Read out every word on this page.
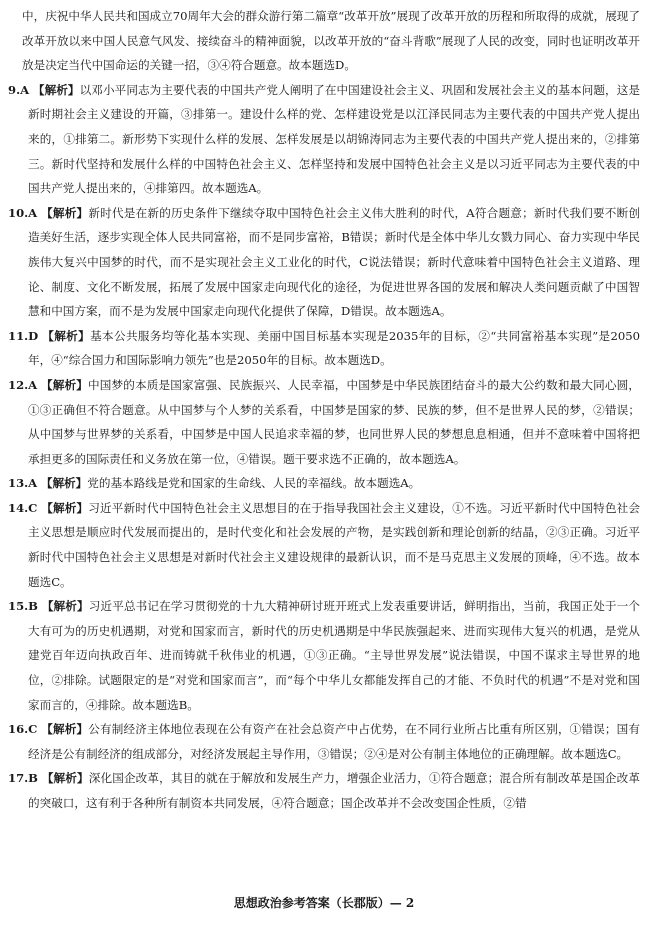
中，庆祝中华人民共和国成立70周年大会的群众游行第二篇章“改革开放”展现了改革开放的历程和所取得的成就，展现了改革开放以来中国人民意气风发、接续奋斗的精神面貌，以改革开放的“奋斗背歌”展现了人民的改变，同时也证明改革开放是决定当代中国命运的关键一招，③④符合题意。故本题选D。

9.A 【解析】以邓小平同志为主要代表的中国共产党人阐明了在中国建设社会主义、巩固和发展社会主义的基本问题，这是新时期社会主义建设的开篇，③排第一。建设什么样的党、怎样建设党是以江泽民同志为主要代表的中国共产党人提出来的，①排第二。新形势下实现什么样的发展、怎样发展是以胡锦涛同志为主要代表的中国共产党人提出来的，②排第三。新时代坚持和发展什么样的中国特色社会主义、怎样坚持和发展中国特色社会主义是以习近平同志为主要代表的中国共产党人提出来的，④排第四。故本题选A。
10.A 【解析】新时代是在新的历史条件下继续夺取中国特色社会主义伟大胜利的时代，A符合题意；新时代我们要不断创造美好生活，逐步实现全体人民共同富裕，而不是同步富裕，B错误；新时代是全体中华儿女戮力同心、奋力实现中华民族伟大复兴中国梦的时代，而不是实现社会主义工业化的时代，C说法错误；新时代意味着中国特色社会主义道路、理论、制度、文化不断发展，拓展了发展中国家走向现代化的途径，为促进世界各国的发展和解决人类问题贡献了中国智慧和中国方案，而不是为发展中国家走向现代化提供了保障，D错误。故本题选A。
11.D 【解析】基本公共服务均等化基本实现、美丽中国目标基本实现是2035年的目标，②“共同富裕基本实现”是2050年，④“综合国力和国际影响力领先”也是2050年的目标。故本题选D。
12.A 【解析】中国梦的本质是国家富强、民族振兴、人民幸福，中国梦是中华民族团结奋斗的最大公约数和最大同心圆，①③正确但不符合题意。从中国梦与个人梦的关系看，中国梦是国家的梦、民族的梦，但不是世界人民的梦，②错误；从中国梦与世界梦的关系看，中国梦是中国人民追求幸福的梦，也同世界人民的梦想息息相通，但并不意味着中国将把承担更多的国际责任和义务放在第一位，④错误。题干要求选不正确的，故本题选A。
13.A 【解析】党的基本路线是党和国家的生命线、人民的幸福线。故本题选A。
14.C 【解析】习近平新时代中国特色社会主义思想目的在于指导我国社会主义建设，①不选。习近平新时代中国特色社会主义思想是顺应时代发展而提出的，是时代变化和社会发展的产物，是实践创新和理论创新的结晶，②③正确。习近平新时代中国特色社会主义思想是对新时代社会主义建设规律的最新认识，而不是马克思主义发展的顶峰，④不选。故本题选C。
15.B 【解析】习近平总书记在学习贯彻党的十九大精神研讨班开班式上发表重要讲话，鲜明指出，当前，我国正处于一个大有可为的历史机遇期，对党和国家而言，新时代的历史机遇期是中华民族强起来、进而实现伟大复兴的机遇，是党从建党百年迈向执政百年、进而铸就千秋伟业的机遇，①③正确。“主导世界发展”说法错误，中国不谋求主导世界的地位，②排除。试题限定的是“对党和国家而言”，而“每个中华儿女都能发挥自己的才能、不负时代的机遇”不是对党和国家而言的，④排除。故本题选B。
16.C 【解析】公有制经济主体地位表现在公有资产在社会总资产中占优势，在不同行业所占比重有所区别，①错误；国有经济是公有制经济的组成部分，对经济发展起主导作用，③错误；②④是对公有制主体地位的正确理解。故本题选C。
17.B 【解析】深化国企改革，其目的就在于解放和发展生产力，增强企业活力，①符合题意；混合所有制改革是国企改革的突破口，这有利于各种所有制资本共同发展，④符合题意；国企改革并不会改变国企性质，②错
思想政治参考答案（长郡版）— 2
